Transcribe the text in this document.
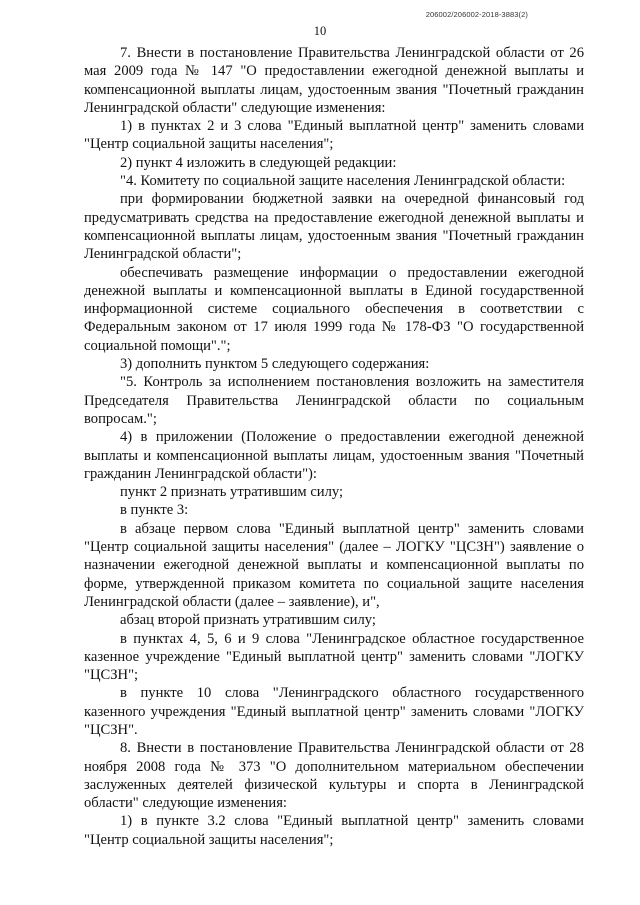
206002/206002-2018-3883(2)
10

7. Внести в постановление Правительства Ленинградской области от 26 мая 2009 года № 147 "О предоставлении ежегодной денежной выплаты и компенсационной выплаты лицам, удостоенным звания "Почетный гражданин Ленинградской области" следующие изменения:

1) в пунктах 2 и 3 слова "Единый выплатной центр" заменить словами "Центр социальной защиты населения";

2) пункт 4 изложить в следующей редакции:

"4. Комитету по социальной защите населения Ленинградской области:

при формировании бюджетной заявки на очередной финансовый год предусматривать средства на предоставление ежегодной денежной выплаты и компенсационной выплаты лицам, удостоенным звания "Почетный гражданин Ленинградской области";

обеспечивать размещение информации о предоставлении ежегодной денежной выплаты и компенсационной выплаты в Единой государственной информационной системе социального обеспечения в соответствии с Федеральным законом от 17 июля 1999 года № 178-ФЗ "О государственной социальной помощи".";

3) дополнить пунктом 5 следующего содержания:

"5. Контроль за исполнением постановления возложить на заместителя Председателя Правительства Ленинградской области по социальным вопросам.";

4) в приложении (Положение о предоставлении ежегодной денежной выплаты и компенсационной выплаты лицам, удостоенным звания "Почетный гражданин Ленинградской области"):

пункт 2 признать утратившим силу;

в пункте 3:

в абзаце первом слова "Единый выплатной центр" заменить словами "Центр социальной защиты населения" (далее – ЛОГКУ "ЦСЗН") заявление о назначении ежегодной денежной выплаты и компенсационной выплаты по форме, утвержденной приказом комитета по социальной защите населения Ленинградской области (далее – заявление), и",

абзац второй признать утратившим силу;

в пунктах 4, 5, 6 и 9 слова "Ленинградское областное государственное казенное учреждение "Единый выплатной центр" заменить словами "ЛОГКУ "ЦСЗН";

в пункте 10 слова "Ленинградского областного государственного казенного учреждения "Единый выплатной центр" заменить словами "ЛОГКУ "ЦСЗН".

8. Внести в постановление Правительства Ленинградской области от 28 ноября 2008 года № 373 "О дополнительном материальном обеспечении заслуженных деятелей физической культуры и спорта в Ленинградской области" следующие изменения:

1) в пункте 3.2 слова "Единый выплатной центр" заменить словами "Центр социальной защиты населения";
